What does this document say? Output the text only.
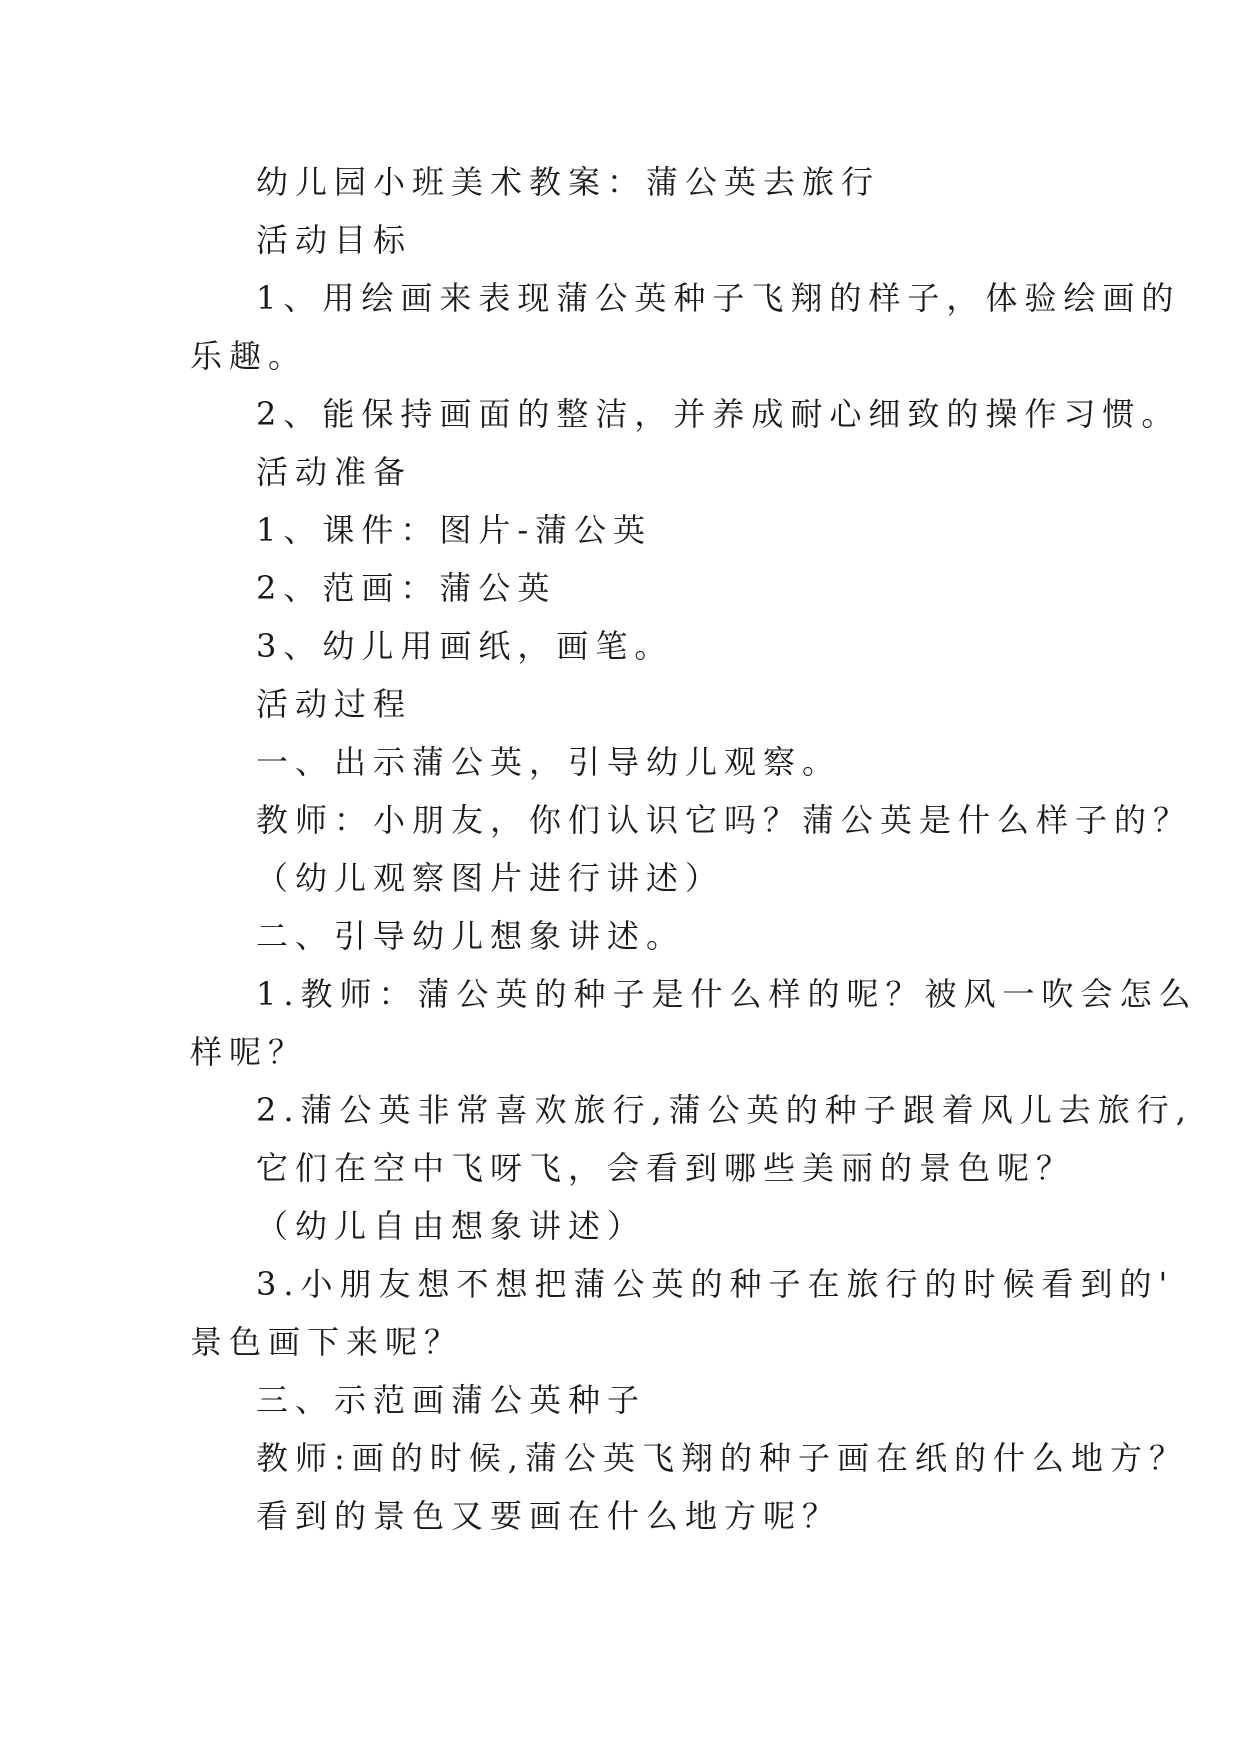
幼儿园小班美术教案：蒲公英去旅行
活动目标
1、用绘画来表现蒲公英种子飞翔的样子，体验绘画的
乐趣。
2、能保持画面的整洁，并养成耐心细致的操作习惯。
活动准备
1、课件：图片-蒲公英
2、范画：蒲公英
3、幼儿用画纸，画笔。
活动过程
一、出示蒲公英，引导幼儿观察。
教师：小朋友，你们认识它吗？蒲公英是什么样子的？
（幼儿观察图片进行讲述）
二、引导幼儿想象讲述。
1.教师：蒲公英的种子是什么样的呢？被风一吹会怎么
样呢？
2.蒲公英非常喜欢旅行,蒲公英的种子跟着风儿去旅行,
它们在空中飞呀飞，会看到哪些美丽的景色呢？
（幼儿自由想象讲述）
3.小朋友想不想把蒲公英的种子在旅行的时候看到的'
景色画下来呢？
三、示范画蒲公英种子
教师:画的时候,蒲公英飞翔的种子画在纸的什么地方？
看到的景色又要画在什么地方呢？
